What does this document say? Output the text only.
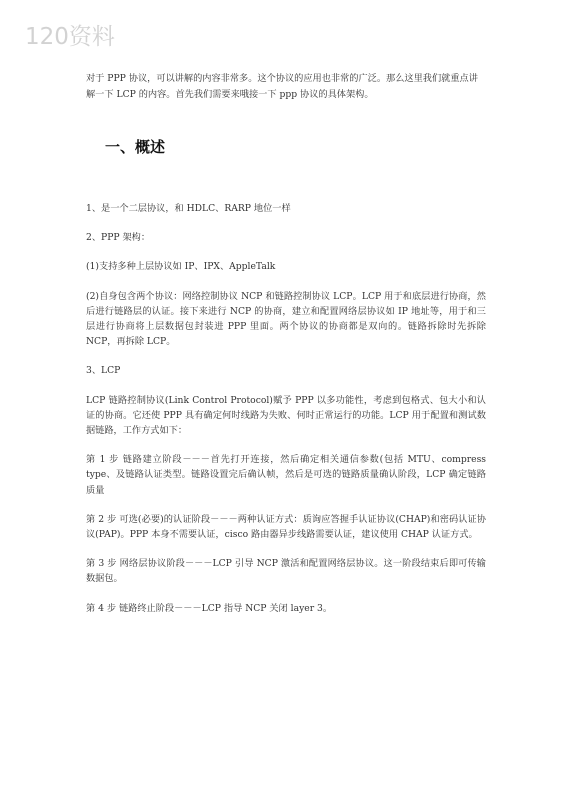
120资料

对于 PPP 协议，可以讲解的内容非常多。这个协议的应用也非常的广泛。那么这里我们就重点讲解一下 LCP 的内容。首先我们需要来哦接一下 ppp 协议的具体架构。

一、概述

1、是一个二层协议，和 HDLC、RARP 地位一样

2、PPP 架构：

(1)支持多种上层协议如 IP、IPX、AppleTalk

(2)自身包含两个协议：网络控制协议 NCP 和链路控制协议 LCP。LCP 用于和底层进行协商，然后进行链路层的认证。接下来进行 NCP 的协商，建立和配置网络层协议如 IP 地址等，用于和三层进行协商将上层数据包封装进 PPP 里面。两个协议的协商都是双向的。链路拆除时先拆除 NCP，再拆除 LCP。

3、LCP

LCP 链路控制协议(Link Control Protocol)赋予 PPP 以多功能性，考虑到包格式、包大小和认证的协商。它还使 PPP 具有确定何时线路为失败、何时正常运行的功能。LCP 用于配置和测试数据链路，工作方式如下：

第 1 步 链路建立阶段－－－首先打开连接，然后确定相关通信参数(包括 MTU、compress type、及链路认证类型。链路设置完后确认帧，然后是可选的链路质量确认阶段，LCP 确定链路质量

第 2 步 可选(必要)的认证阶段－－－两种认证方式：质询应答握手认证协议(CHAP)和密码认证协议(PAP)。PPP 本身不需要认证，cisco 路由器异步线路需要认证，建议使用 CHAP 认证方式。

第 3 步 网络层协议阶段－－－LCP 引导 NCP 激活和配置网络层协议。这一阶段结束后即可传输数据包。

第 4 步 链路终止阶段－－－LCP 指导 NCP 关闭 layer 3。
